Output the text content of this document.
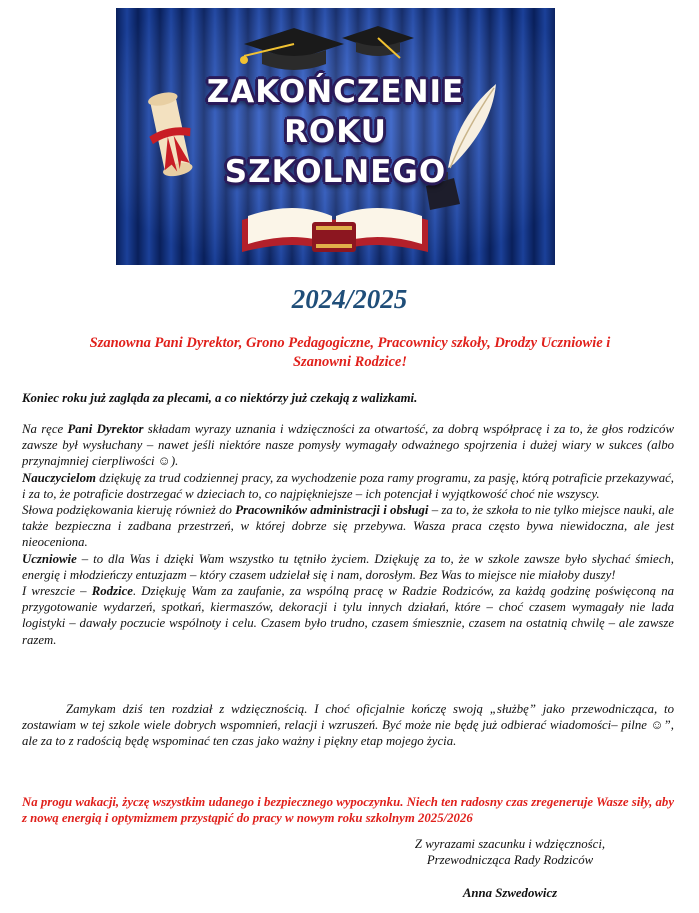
ZAKOŃCZENIE
ROKU
SZKOLNEGO
2024/2025
Szanowna Pani Dyrektor, Grono Pedagogiczne, Pracownicy szkoły, Drodzy Uczniowie i
Szanowni Rodzice!

Koniec roku już zagląda za plecami, a co niektórzy już czekają z walizkami.

Na ręce Pani Dyrektor składam wyrazy uznania i wdzięczności za otwartość, za dobrą współpracę i za to, że głos rodziców zawsze był wysłuchany – nawet jeśli niektóre nasze pomysły wymagały odważnego spojrzenia i dużej wiary w sukces (albo przynajmniej cierpliwości ☺).

Nauczycielom dziękuję za trud codziennej pracy, za wychodzenie poza ramy programu, za pasję, którą potraficie przekazywać, i za to, że potraficie dostrzegać w dzieciach to, co najpiękniejsze – ich potencjał i wyjątkowość choć nie wszyscy.

Słowa podziękowania kieruję również do Pracowników administracji i obsługi – za to, że szkoła to nie tylko miejsce nauki, ale także bezpieczna i zadbana przestrzeń, w której dobrze się przebywa. Wasza praca często bywa niewidoczna, ale jest nieoceniona.

Uczniowie – to dla Was i dzięki Wam wszystko tu tętniło życiem. Dziękuję za to, że w szkole zawsze było słychać śmiech, energię i młodzieńczy entuzjazm – który czasem udzielał się i nam, dorosłym. Bez Was to miejsce nie miałoby duszy!

I wreszcie – Rodzice. Dziękuję Wam za zaufanie, za wspólną pracę w Radzie Rodziców, za każdą godzinę poświęconą na przygotowanie wydarzeń, spotkań, kiermaszów, dekoracji i tylu innych działań, które – choć czasem wymagały nie lada logistyki – dawały poczucie wspólnoty i celu. Czasem było trudno, czasem śmiesznie, czasem na ostatnią chwilę – ale zawsze razem.

Zamykam dziś ten rozdział z wdzięcznością. I choć oficjalnie kończę swoją „służbę” jako przewodnicząca, to zostawiam w tej szkole wiele dobrych wspomnień, relacji i wzruszeń. Być może nie będę już odbierać wiadomości– pilne ☺”, ale za to z radością będę wspominać ten czas jako ważny i piękny etap mojego życia.

Na progu wakacji, życzę wszystkim udanego i bezpiecznego wypoczynku. Niech ten radosny czas zregeneruje Wasze siły, aby z nową energią i optymizmem przystąpić do pracy w nowym roku szkolnym 2025/2026

Z wyrazami szacunku i wdzięczności,
Przewodnicząca Rady Rodziców
Anna Szwedowicz
